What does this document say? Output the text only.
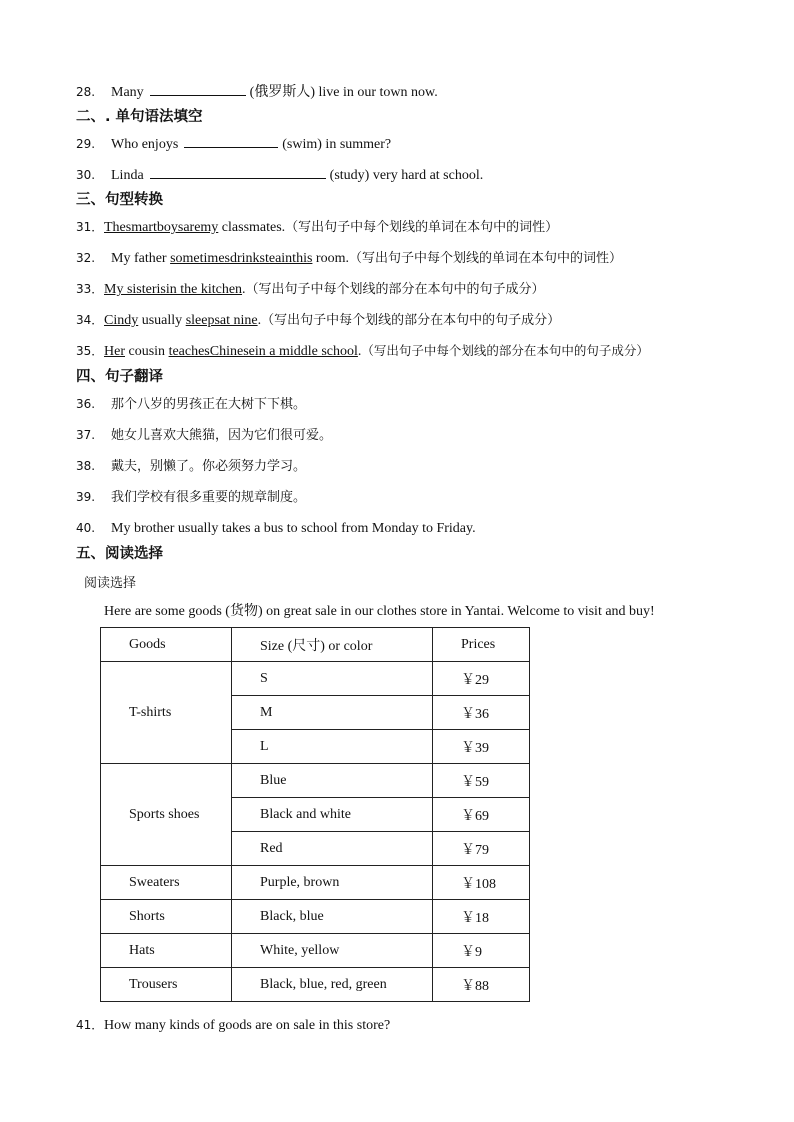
28. Many	(俄罗斯人) live in our town now.
二、. 单句语法填空
29. Who enjoys	(swim) in summer?
30. Linda	(study) very hard at school.
三、句型转换
31．Thesmartboysaremy classmates.（写出句子中每个划线的单词在本句中的词性）
32. My father sometimesdrinksteainthis room.（写出句子中每个划线的单词在本句中的词性）
33．My sisterisin the kitchen.（写出句子中每个划线的部分在本句中的句子成分）
34．Cindy usually sleepsat nine.（写出句子中每个划线的部分在本句中的句子成分）
35．Her cousin teachesChinesein a middle school.（写出句子中每个划线的部分在本句中的句子成分）
四、句子翻译
36. 那个八岁的男孩正在大树下下棋。
37. 她女儿喜欢大熊猫，因为它们很可爱。
38. 戴夫，别懒了。你必须努力学习。
39. 我们学校有很多重要的规章制度。
40. My brother usually takes a bus to school from Monday to Friday.
五、阅读选择
阅读选择
Here are some goods (货物) on great sale in our clothes store in Yantai. Welcome to visit and buy!
Goods	Size (尺寸) or color	Prices
T-shirts	S	￥29
	M	￥36
	L	￥39
Sports shoes	Blue	￥59
	Black and white	￥69
	Red	￥79
Sweaters	Purple, brown	￥108
Shorts	Black, blue	￥18
Hats	White, yellow	￥9
Trousers	Black, blue, red, green	￥88
41．How many kinds of goods are on sale in this store?
